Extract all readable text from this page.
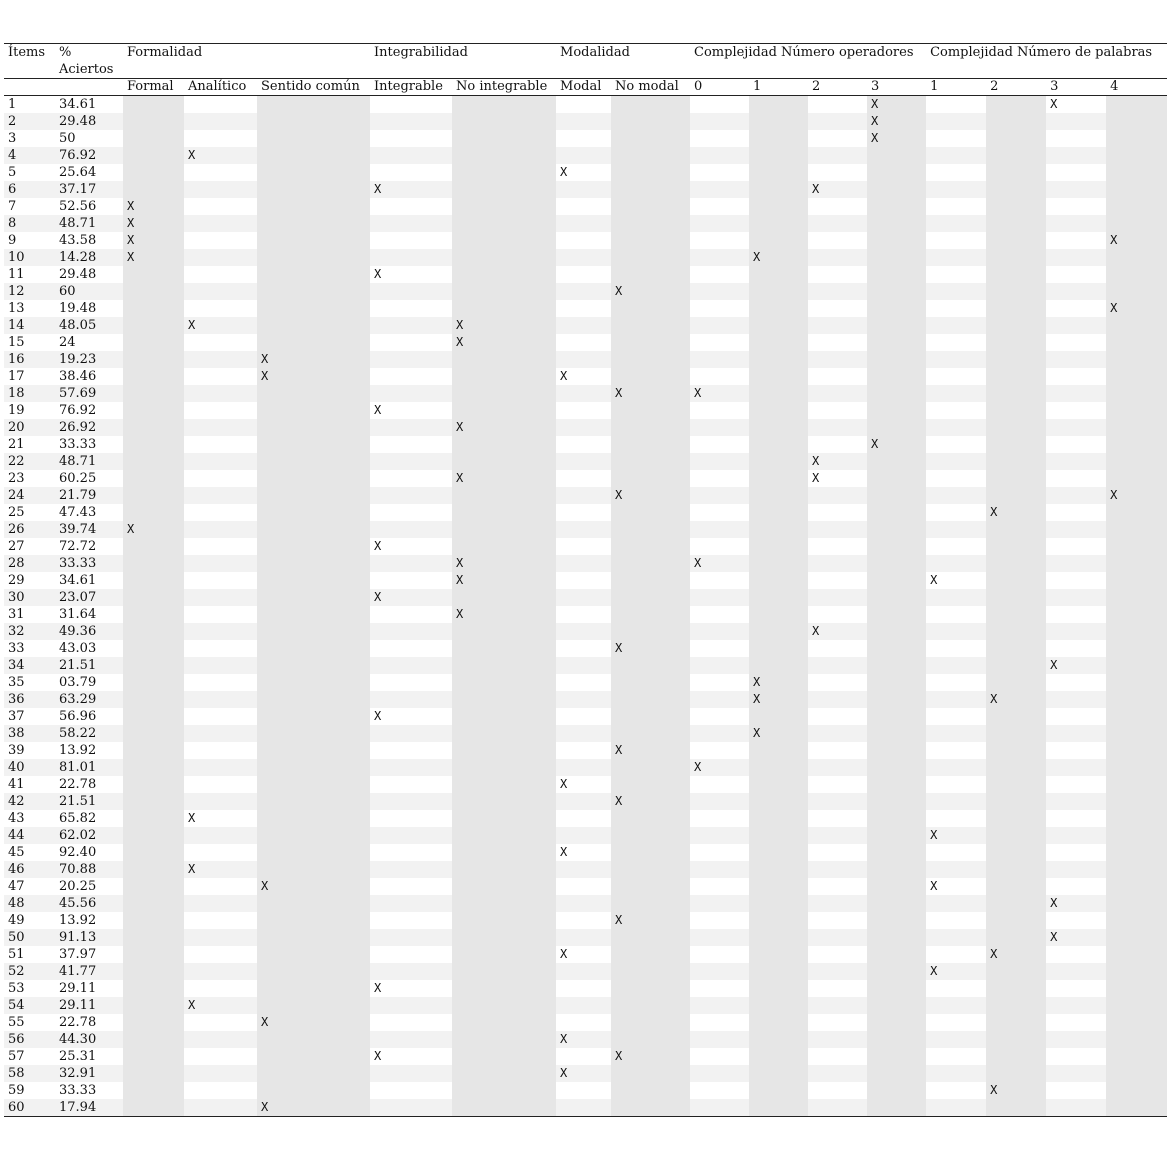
Ítems	% Aciertos	Formalidad			Integrabilidad		Modalidad		Complejidad Número operadores				Complejidad Número de palabras			
		Formal	Analítico	Sentido común	Integrable	No integrable	Modal	No modal	0	1	2	3	1	2	3	4
1	34.61											X			X	
2	29.48											X				
3	50											X				
4	76.92		X													
5	25.64						X									
6	37.17				X						X					
7	52.56	X														
8	48.71	X														
9	43.58	X														X
10	14.28	X								X						
11	29.48				X											
12	60							X								
13	19.48															X
14	48.05		X			X										
15	24					X										
16	19.23			X												
17	38.46			X			X									
18	57.69							X	X							
19	76.92				X											
20	26.92					X										
21	33.33											X				
22	48.71										X					
23	60.25					X					X					
24	21.79							X								X
25	47.43													X		
26	39.74	X														
27	72.72				X											
28	33.33					X			X							
29	34.61					X							X			
30	23.07				X											
31	31.64					X										
32	49.36										X					
33	43.03							X								
34	21.51														X	
35	03.79									X						
36	63.29									X				X		
37	56.96				X											
38	58.22									X						
39	13.92							X								
40	81.01								X							
41	22.78						X									
42	21.51							X								
43	65.82		X													
44	62.02												X			
45	92.40						X									
46	70.88		X													
47	20.25			X									X			
48	45.56														X	
49	13.92							X								
50	91.13														X	
51	37.97						X							X		
52	41.77												X			
53	29.11				X											
54	29.11		X													
55	22.78			X												
56	44.30						X									
57	25.31				X			X								
58	32.91						X									
59	33.33													X		
60	17.94			X												
